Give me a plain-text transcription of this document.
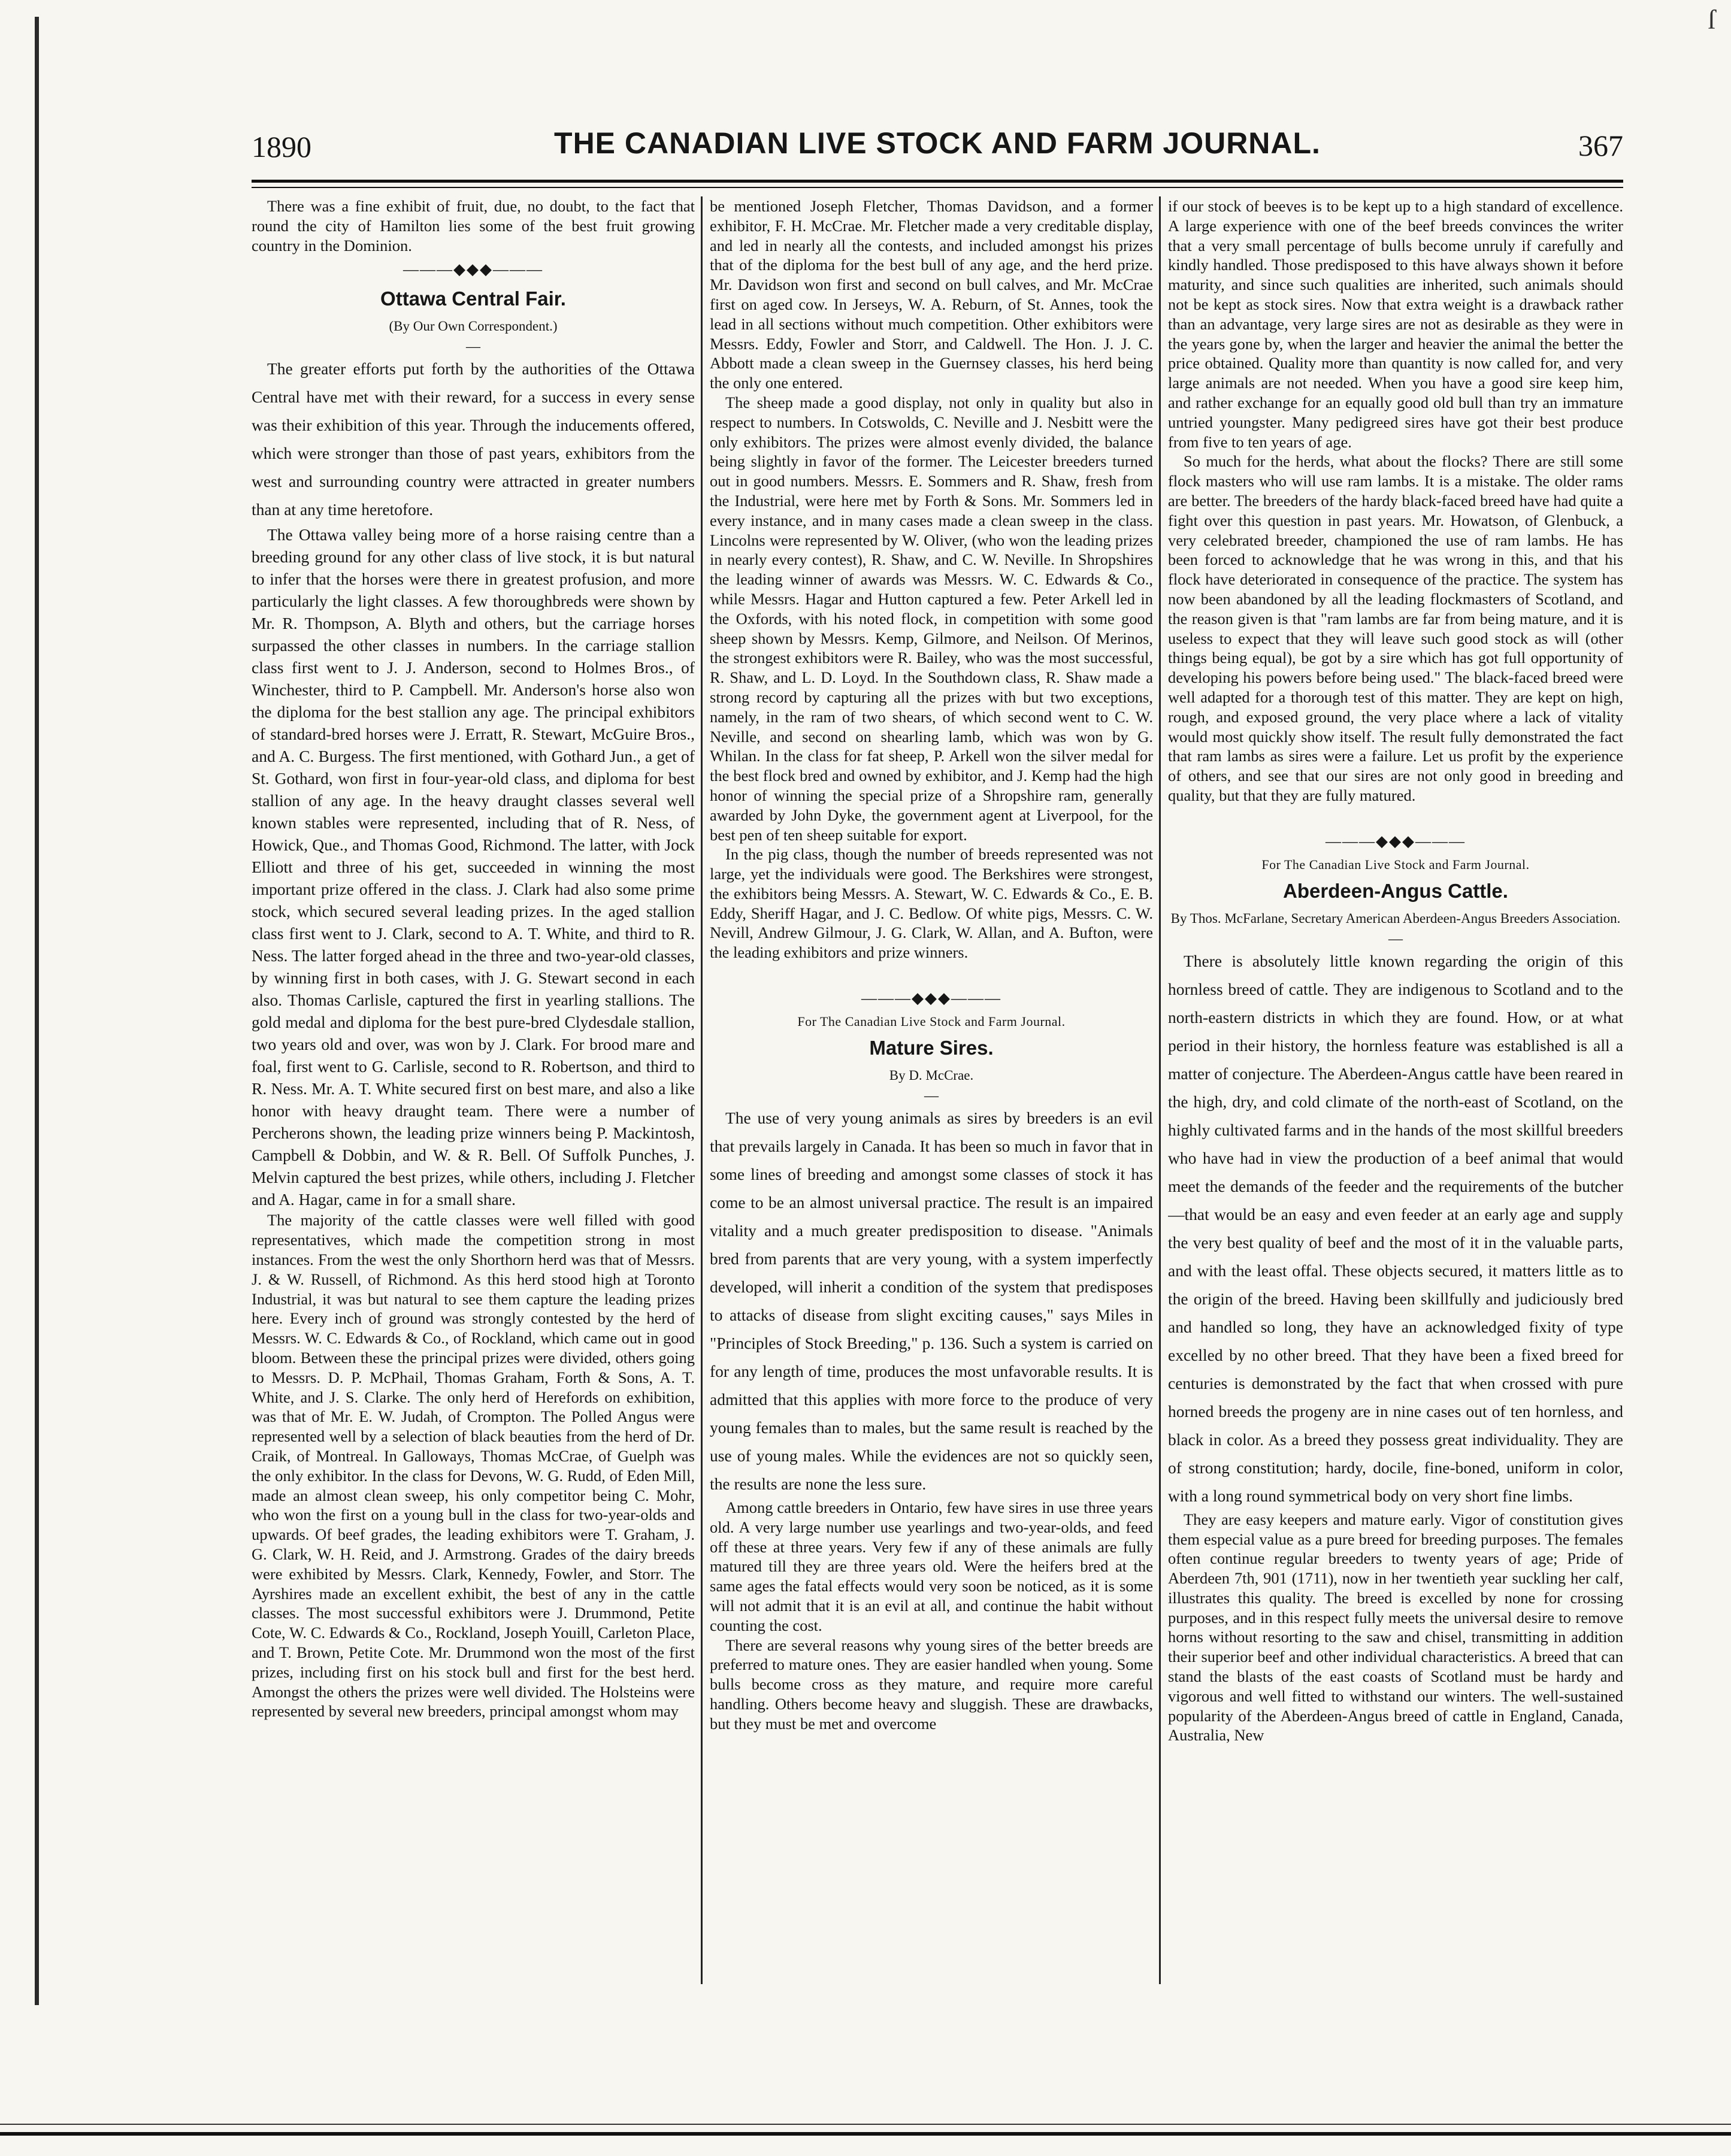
ſ
1890	THE CANADIAN LIVE STOCK AND FARM JOURNAL.	367

There was a fine exhibit of fruit, due, no doubt, to the fact that round the city of Hamilton lies some of the best fruit growing country in the Dominion.

———◆◆◆———
Ottawa Central Fair.
(By Our Own Correspondent.)
—

The greater efforts put forth by the authorities of the Ottawa Central have met with their reward, for a success in every sense was their exhibition of this year. Through the inducements offered, which were stronger than those of past years, exhibitors from the west and surrounding country were attracted in greater numbers than at any time heretofore.

The Ottawa valley being more of a horse raising centre than a breeding ground for any other class of live stock, it is but natural to infer that the horses were there in greatest profusion, and more particularly the light classes. A few thoroughbreds were shown by Mr. R. Thompson, A. Blyth and others, but the carriage horses surpassed the other classes in numbers. In the carriage stallion class first went to J. J. Anderson, second to Holmes Bros., of Winchester, third to P. Campbell. Mr. Anderson's horse also won the diploma for the best stallion any age. The principal exhibitors of standard-bred horses were J. Erratt, R. Stewart, McGuire Bros., and A. C. Burgess. The first mentioned, with Gothard Jun., a get of St. Gothard, won first in four-year-old class, and diploma for best stallion of any age. In the heavy draught classes several well known stables were represented, including that of R. Ness, of Howick, Que., and Thomas Good, Richmond. The latter, with Jock Elliott and three of his get, succeeded in winning the most important prize offered in the class. J. Clark had also some prime stock, which secured several leading prizes. In the aged stallion class first went to J. Clark, second to A. T. White, and third to R. Ness. The latter forged ahead in the three and two-year-old classes, by winning first in both cases, with J. G. Stewart second in each also. Thomas Carlisle, captured the first in yearling stallions. The gold medal and diploma for the best pure-bred Clydesdale stallion, two years old and over, was won by J. Clark. For brood mare and foal, first went to G. Carlisle, second to R. Robertson, and third to R. Ness. Mr. A. T. White secured first on best mare, and also a like honor with heavy draught team. There were a number of Percherons shown, the leading prize winners being P. Mackintosh, Campbell & Dobbin, and W. & R. Bell. Of Suffolk Punches, J. Melvin captured the best prizes, while others, including J. Fletcher and A. Hagar, came in for a small share.

The majority of the cattle classes were well filled with good representatives, which made the competition strong in most instances. From the west the only Shorthorn herd was that of Messrs. J. & W. Russell, of Richmond. As this herd stood high at Toronto Industrial, it was but natural to see them capture the leading prizes here. Every inch of ground was strongly contested by the herd of Messrs. W. C. Edwards & Co., of Rockland, which came out in good bloom. Between these the principal prizes were divided, others going to Messrs. D. P. McPhail, Thomas Graham, Forth & Sons, A. T. White, and J. S. Clarke. The only herd of Herefords on exhibition, was that of Mr. E. W. Judah, of Crompton. The Polled Angus were represented well by a selection of black beauties from the herd of Dr. Craik, of Montreal. In Galloways, Thomas McCrae, of Guelph was the only exhibitor. In the class for Devons, W. G. Rudd, of Eden Mill, made an almost clean sweep, his only competitor being C. Mohr, who won the first on a young bull in the class for two-year-olds and upwards. Of beef grades, the leading exhibitors were T. Graham, J. G. Clark, W. H. Reid, and J. Armstrong. Grades of the dairy breeds were exhibited by Messrs. Clark, Kennedy, Fowler, and Storr. The Ayrshires made an excellent exhibit, the best of any in the cattle classes. The most successful exhibitors were J. Drummond, Petite Cote, W. C. Edwards & Co., Rockland, Joseph Youill, Carleton Place, and T. Brown, Petite Cote. Mr. Drummond won the most of the first prizes, including first on his stock bull and first for the best herd. Amongst the others the prizes were well divided. The Holsteins were represented by several new breeders, principal amongst whom may

be mentioned Joseph Fletcher, Thomas Davidson, and a former exhibitor, F. H. McCrae. Mr. Fletcher made a very creditable display, and led in nearly all the contests, and included amongst his prizes that of the diploma for the best bull of any age, and the herd prize. Mr. Davidson won first and second on bull calves, and Mr. McCrae first on aged cow. In Jerseys, W. A. Reburn, of St. Annes, took the lead in all sections without much competition. Other exhibitors were Messrs. Eddy, Fowler and Storr, and Caldwell. The Hon. J. J. C. Abbott made a clean sweep in the Guernsey classes, his herd being the only one entered.

The sheep made a good display, not only in quality but also in respect to numbers. In Cotswolds, C. Neville and J. Nesbitt were the only exhibitors. The prizes were almost evenly divided, the balance being slightly in favor of the former. The Leicester breeders turned out in good numbers. Messrs. E. Sommers and R. Shaw, fresh from the Industrial, were here met by Forth & Sons. Mr. Sommers led in every instance, and in many cases made a clean sweep in the class. Lincolns were represented by W. Oliver, (who won the leading prizes in nearly every contest), R. Shaw, and C. W. Neville. In Shropshires the leading winner of awards was Messrs. W. C. Edwards & Co., while Messrs. Hagar and Hutton captured a few. Peter Arkell led in the Oxfords, with his noted flock, in competition with some good sheep shown by Messrs. Kemp, Gilmore, and Neilson. Of Merinos, the strongest exhibitors were R. Bailey, who was the most successful, R. Shaw, and L. D. Loyd. In the Southdown class, R. Shaw made a strong record by capturing all the prizes with but two exceptions, namely, in the ram of two shears, of which second went to C. W. Neville, and second on shearling lamb, which was won by G. Whilan. In the class for fat sheep, P. Arkell won the silver medal for the best flock bred and owned by exhibitor, and J. Kemp had the high honor of winning the special prize of a Shropshire ram, generally awarded by John Dyke, the government agent at Liverpool, for the best pen of ten sheep suitable for export.

In the pig class, though the number of breeds represented was not large, yet the individuals were good. The Berkshires were strongest, the exhibitors being Messrs. A. Stewart, W. C. Edwards & Co., E. B. Eddy, Sheriff Hagar, and J. C. Bedlow. Of white pigs, Messrs. C. W. Nevill, Andrew Gilmour, J. G. Clark, W. Allan, and A. Bufton, were the leading exhibitors and prize winners.

———◆◆◆———
For The Canadian Live Stock and Farm Journal.
Mature Sires.
By D. McCrae.
—

The use of very young animals as sires by breeders is an evil that prevails largely in Canada. It has been so much in favor that in some lines of breeding and amongst some classes of stock it has come to be an almost universal practice. The result is an impaired vitality and a much greater predisposition to disease. "Animals bred from parents that are very young, with a system imperfectly developed, will inherit a condition of the system that predisposes to attacks of disease from slight exciting causes," says Miles in "Principles of Stock Breeding," p. 136. Such a system is carried on for any length of time, produces the most unfavorable results. It is admitted that this applies with more force to the produce of very young females than to males, but the same result is reached by the use of young males. While the evidences are not so quickly seen, the results are none the less sure.

Among cattle breeders in Ontario, few have sires in use three years old. A very large number use yearlings and two-year-olds, and feed off these at three years. Very few if any of these animals are fully matured till they are three years old. Were the heifers bred at the same ages the fatal effects would very soon be noticed, as it is some will not admit that it is an evil at all, and continue the habit without counting the cost.

There are several reasons why young sires of the better breeds are preferred to mature ones. They are easier handled when young. Some bulls become cross as they mature, and require more careful handling. Others become heavy and sluggish. These are drawbacks, but they must be met and overcome

if our stock of beeves is to be kept up to a high standard of excellence. A large experience with one of the beef breeds convinces the writer that a very small percentage of bulls become unruly if carefully and kindly handled. Those predisposed to this have always shown it before maturity, and since such qualities are inherited, such animals should not be kept as stock sires. Now that extra weight is a drawback rather than an advantage, very large sires are not as desirable as they were in the years gone by, when the larger and heavier the animal the better the price obtained. Quality more than quantity is now called for, and very large animals are not needed. When you have a good sire keep him, and rather exchange for an equally good old bull than try an immature untried youngster. Many pedigreed sires have got their best produce from five to ten years of age.

So much for the herds, what about the flocks? There are still some flock masters who will use ram lambs. It is a mistake. The older rams are better. The breeders of the hardy black-faced breed have had quite a fight over this question in past years. Mr. Howatson, of Glenbuck, a very celebrated breeder, championed the use of ram lambs. He has been forced to acknowledge that he was wrong in this, and that his flock have deteriorated in consequence of the practice. The system has now been abandoned by all the leading flockmasters of Scotland, and the reason given is that "ram lambs are far from being mature, and it is useless to expect that they will leave such good stock as will (other things being equal), be got by a sire which has got full opportunity of developing his powers before being used." The black-faced breed were well adapted for a thorough test of this matter. They are kept on high, rough, and exposed ground, the very place where a lack of vitality would most quickly show itself. The result fully demonstrated the fact that ram lambs as sires were a failure. Let us profit by the experience of others, and see that our sires are not only good in breeding and quality, but that they are fully matured.

———◆◆◆———
For The Canadian Live Stock and Farm Journal.
Aberdeen-Angus Cattle.
By Thos. McFarlane, Secretary American Aberdeen-Angus Breeders Association.
—

There is absolutely little known regarding the origin of this hornless breed of cattle. They are indigenous to Scotland and to the north-eastern districts in which they are found. How, or at what period in their history, the hornless feature was established is all a matter of conjecture. The Aberdeen-Angus cattle have been reared in the high, dry, and cold climate of the north-east of Scotland, on the highly cultivated farms and in the hands of the most skillful breeders who have had in view the production of a beef animal that would meet the demands of the feeder and the requirements of the butcher—that would be an easy and even feeder at an early age and supply the very best quality of beef and the most of it in the valuable parts, and with the least offal. These objects secured, it matters little as to the origin of the breed. Having been skillfully and judiciously bred and handled so long, they have an acknowledged fixity of type excelled by no other breed. That they have been a fixed breed for centuries is demonstrated by the fact that when crossed with pure horned breeds the progeny are in nine cases out of ten hornless, and black in color. As a breed they possess great individuality. They are of strong constitution; hardy, docile, fine-boned, uniform in color, with a long round symmetrical body on very short fine limbs.

They are easy keepers and mature early. Vigor of constitution gives them especial value as a pure breed for breeding purposes. The females often continue regular breeders to twenty years of age; Pride of Aberdeen 7th, 901 (1711), now in her twentieth year suckling her calf, illustrates this quality. The breed is excelled by none for crossing purposes, and in this respect fully meets the universal desire to remove horns without resorting to the saw and chisel, transmitting in addition their superior beef and other individual characteristics. A breed that can stand the blasts of the east coasts of Scotland must be hardy and vigorous and well fitted to withstand our winters. The well-sustained popularity of the Aberdeen-Angus breed of cattle in England, Canada, Australia, New
